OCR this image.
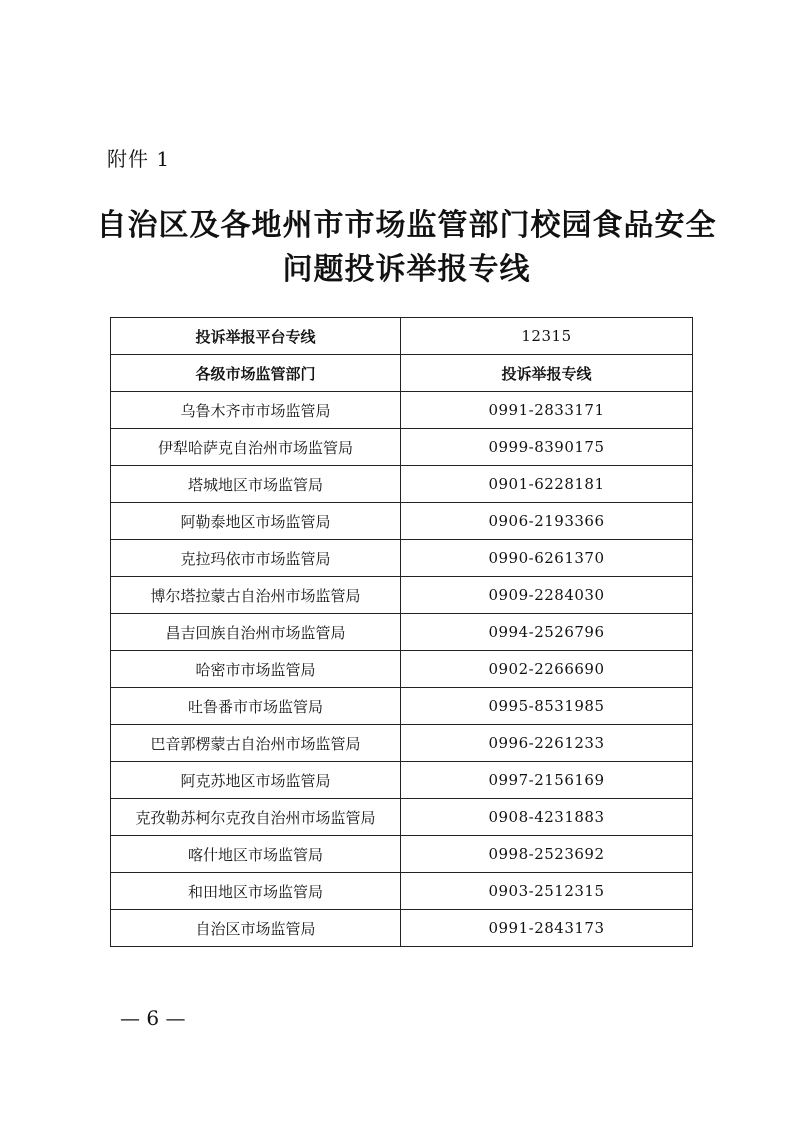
附件 1
自治区及各地州市市场监管部门校园食品安全
问题投诉举报专线
投诉举报平台专线	12315
各级市场监管部门	投诉举报专线
乌鲁木齐市市场监管局	0991-2833171
伊犁哈萨克自治州市场监管局	0999-8390175
塔城地区市场监管局	0901-6228181
阿勒泰地区市场监管局	0906-2193366
克拉玛依市市场监管局	0990-6261370
博尔塔拉蒙古自治州市场监管局	0909-2284030
昌吉回族自治州市场监管局	0994-2526796
哈密市市场监管局	0902-2266690
吐鲁番市市场监管局	0995-8531985
巴音郭楞蒙古自治州市场监管局	0996-2261233
阿克苏地区市场监管局	0997-2156169
克孜勒苏柯尔克孜自治州市场监管局	0908-4231883
喀什地区市场监管局	0998-2523692
和田地区市场监管局	0903-2512315
自治区市场监管局	0991-2843173
— 6 —
